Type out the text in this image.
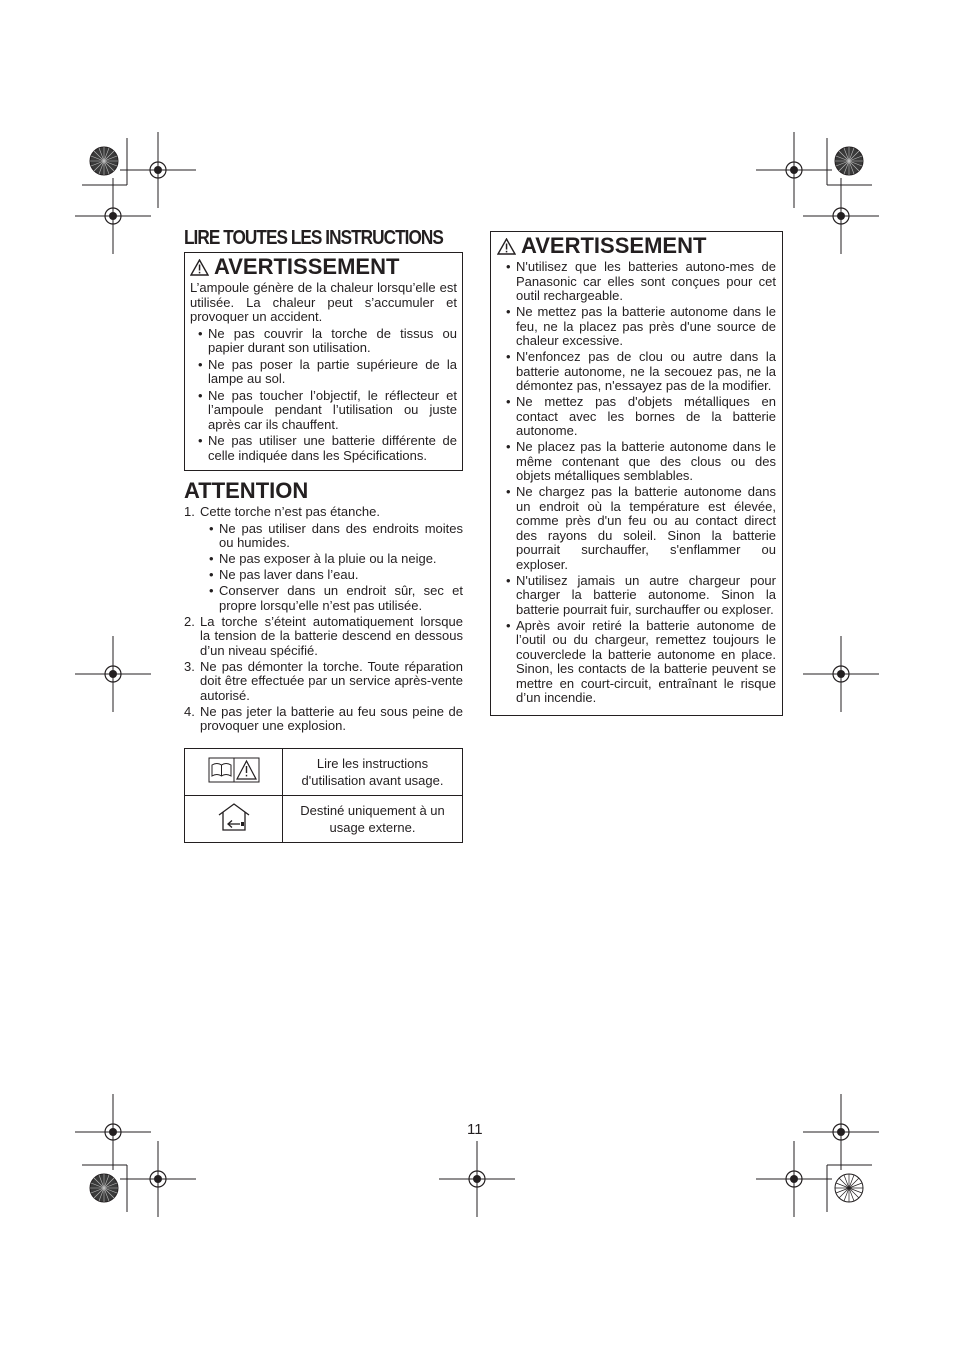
LIRE TOUTES LES INSTRUCTIONS
AVERTISSEMENT

L’ampoule génère de la chaleur lorsqu’elle est utilisée. La chaleur peut s’accumuler et provoquer un accident.

• Ne pas couvrir la torche de tissus ou papier durant son utilisation.
• Ne pas poser la partie supérieure de la lampe au sol.
• Ne pas toucher l’objectif, le réflecteur et l’ampoule pendant l’utilisation ou juste après car ils chauffent.
• Ne pas utiliser une batterie différente de celle indiquée dans les Spécifications.
ATTENTION
1. Cette torche n’est pas étanche.
• Ne pas utiliser dans des endroits moites ou humides.
• Ne pas exposer à la pluie ou la neige.
• Ne pas laver dans l’eau.
• Conserver dans un endroit sûr, sec et propre lorsqu’elle n’est pas utilisée.
2. La torche s’éteint automatiquement lorsque la tension de la batterie descend en dessous d’un niveau spécifié.
3. Ne pas démonter la torche. Toute réparation doit être effectuée par un service après-vente autorisé.
4. Ne pas jeter la batterie au feu sous peine de provoquer une explosion.
	Lire les instructions d'utilisation avant usage.
	Destiné uniquement à un usage externe.
AVERTISSEMENT
• N'utilisez que les batteries autono-mes de Panasonic car elles sont conçues pour cet outil rechargeable.
• Ne mettez pas la batterie autonome dans le feu, ne la placez pas près d'une source de chaleur excessive.
• N'enfoncez pas de clou ou autre dans la batterie autonome, ne la secouez pas, ne la démontez pas, n'essayez pas de la modifier.
• Ne mettez pas d'objets métalliques en contact avec les bornes de la batterie autonome.
• Ne placez pas la batterie autonome dans le même contenant que des clous ou des objets métalliques semblables.
• Ne chargez pas la batterie autonome dans un endroit où la température est élevée, comme près d'un feu ou au contact direct des rayons du soleil. Sinon la batterie pourrait surchauffer, s'enflammer ou exploser.
• N'utilisez jamais un autre chargeur pour charger la batterie autonome. Sinon la batterie pourrait fuir, surchauffer ou exploser.
• Après avoir retiré la batterie autonome de l’outil ou du chargeur, remettez toujours le couverclede la batterie autonome en place. Sinon, les contacts de la batterie peuvent se mettre en court-circuit, entraînant le risque d’un incendie.
11
